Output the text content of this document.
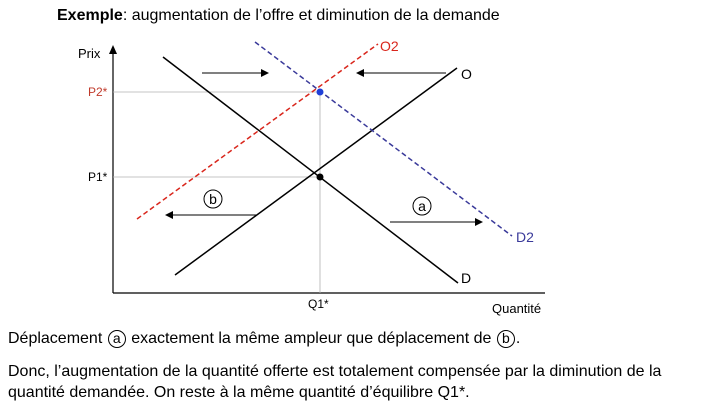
Exemple: augmentation de l’offre et diminution de la demande
b	a
Prix
Quantité
P2*
P1*
Q1*
O2
O
D2
D
Déplacement a exactement la même ampleur que déplacement de b .
Donc, l’augmentation de la quantité offerte est totalement compensée par la diminution de la quantité demandée. On reste à la même quantité d’équilibre Q1*.
